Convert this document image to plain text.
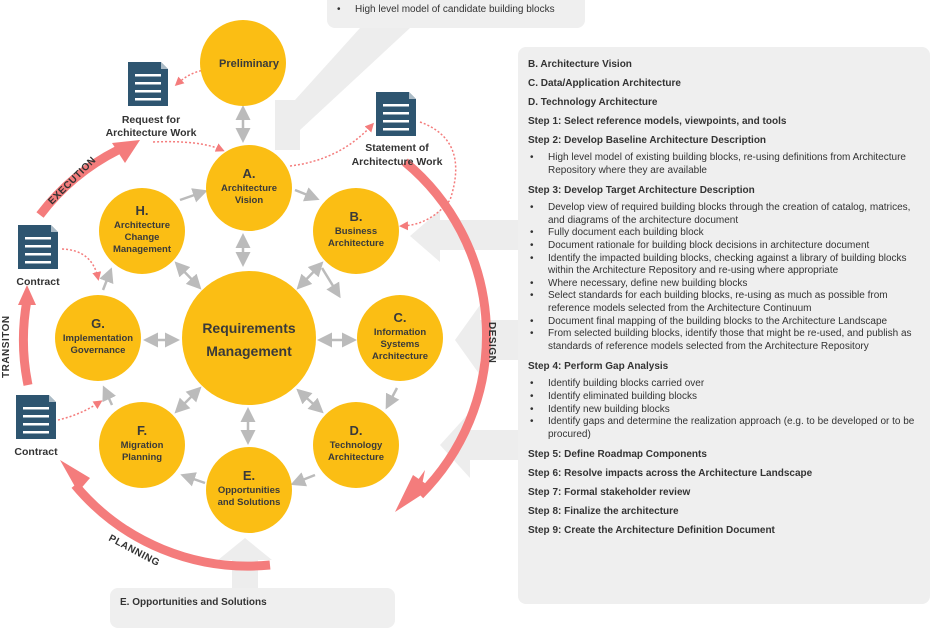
EXECUTION
TRANSITON
PLANNING
DESIGN
Preliminary
A.
Architecture
Vision
B.
Business
Architecture
C.
Information
Systems
Architecture
D.
Technology
Architecture
E.
Opportunities
and Solutions
F.
Migration
Planning
G.
Implementation
Governance
H.
Architecture
Change
Management
Requirements
Management
Request for
Architecture Work
Statement of
Architecture Work
Contract
Contract
• High level model of candidate building blocks
E. Opportunities and Solutions
B. Architecture Vision
C. Data/Application Architecture
D. Technology Architecture
Step 1: Select reference models, viewpoints, and tools
Step 2: Develop Baseline Architecture Description
• High level model of existing building blocks, re-using definitions from Architecture Repository where they are available
Step 3: Develop Target Architecture Description
• Develop view of required building blocks through the creation of catalog, matrices, and diagrams of the architecture document
• Fully document each building block
• Document rationale for building block decisions in architecture document
• Identify the impacted building blocks, checking against a library of building blocks within the Architecture Repository and re-using where appropriate
• Where necessary, define new building blocks
• Select standards for each building blocks, re-using as much as possible from reference models selected from the Architecture Continuum
• Document final mapping of the building blocks to the Architecture Landscape
• From selected building blocks, identify those that might be re-used, and publish as standards of reference models selected from the Architecture Repository
Step 4: Perform Gap Analysis
• Identify building blocks carried over
• Identify eliminated building blocks
• Identify new building blocks
• Identify gaps and determine the realization approach (e.g. to be developed or to be procured)
Step 5: Define Roadmap Components
Step 6: Resolve impacts across the Architecture Landscape
Step 7: Formal stakeholder review
Step 8: Finalize the architecture
Step 9: Create the Architecture Definition Document
